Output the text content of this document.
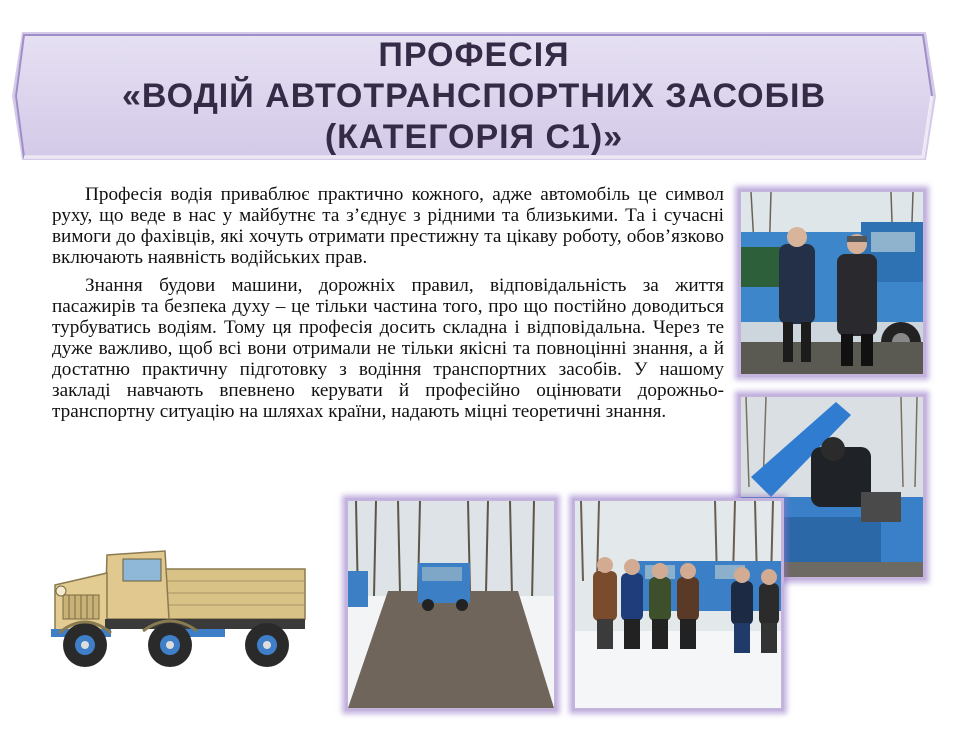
ПРОФЕСІЯ
«ВОДІЙ АВТОТРАНСПОРТНИХ ЗАСОБІВ
(КАТЕГОРІЯ С1)»

Професія водія приваблює практично кожного, адже автомобіль це символ руху, що веде в нас у майбутнє та з’єднує з рідними та близькими. Та і сучасні вимоги до фахівців, які хочуть отримати престижну та цікаву роботу, обов’язково включають наявність водійських прав.

Знання будови машини, дорожніх правил, відповідальність за життя пасажирів та безпека духу – це тільки частина того, про що постійно доводиться турбуватись водіям. Тому ця професія досить складна і відповідальна. Через те дуже важливо, щоб всі вони отримали не тільки якісні та повноцінні знання, а й достатню практичну підготовку з водіння транспортних засобів. У нашому закладі навчають впевнено керувати й професійно оцінювати дорожньо-транспортну ситуацію на шляхах країни, надають міцні теоретичні знання.
